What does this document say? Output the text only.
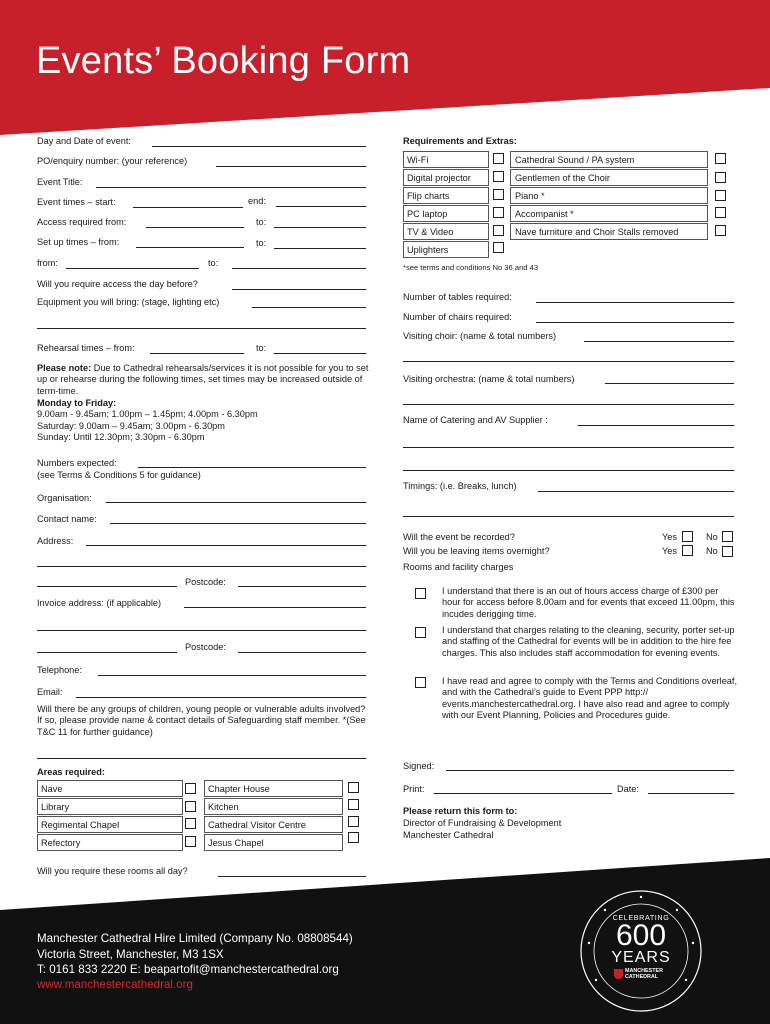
Events’ Booking Form
Day and Date of event:
PO/enquiry number: (your reference)
Event Title:
Event times – start:	end:
Access required from:	to:
Set up times – from:	to:
from:	to:
Will you require access the day before?
Equipment you will bring: (stage, lighting etc)
Rehearsal times – from:	to:
Please note: Due to Cathedral rehearsals/services it is not possible for you to set up or rehearse during the following times, set times may be increased outside of term-time.
Monday to Friday:
9.00am - 9.45am; 1.00pm – 1.45pm; 4.00pm - 6.30pm
Saturday: 9.00am – 9.45am; 3.00pm - 6.30pm
Sunday: Until 12.30pm; 3.30pm - 6.30pm
Numbers expected:
(see Terms & Conditions 5 for guidance)
Organisation:
Contact name:
Address:
Postcode:
Invoice address: (if applicable)
Postcode:
Telephone:
Email:
Will there be any groups of children, young people or vulnerable adults involved? If so, please provide name & contact details of Safeguarding staff member. *(See T&C 11 for further guidance)
Areas required:
Nave	Chapter House
Library	Kitchen
Regimental Chapel	Cathedral Visitor Centre
Refectory	Jesus Chapel
Will you require these rooms all day?
Requirements and Extras:
Wi-Fi	Cathedral Sound / PA system
Digital projector	Gentlemen of the Choir
Flip charts	Piano *
PC laptop	Accompanist *
TV & Video	Nave furniture and Choir Stalls removed
Uplighters
*see terms and conditions No 36 and 43
Number of tables required:
Number of chairs required:
Visiting choir: (name & total numbers)
Visiting orchestra: (name & total numbers)
Name of Catering and AV Supplier :
Timings: (i.e. Breaks, lunch)
Will the event be recorded?	Yes	No
Will you be leaving items overnight?	Yes	No
Rooms and facility charges
I understand that there is an out of hours access charge of £300 per hour for access before 8.00am and for events that exceed 11.00pm, this incudes derigging time.
I understand that charges relating to the cleaning, security, porter set-up and staffing of the Cathedral for events will be in addition to the hire fee charges. This also includes staff accommodation for evening events.
I have read and agree to comply with the Terms and Conditions overleaf, and with the Cathedral’s guide to Event PPP http:// events.manchestercathedral.org. I have also read and agree to comply with our Event Planning, Policies and Procedures guide.
Signed:
Print:	Date:
Please return this form to:
Director of Fundraising & Development
Manchester Cathedral
Manchester Cathedral Hire Limited (Company No. 08808544)
Victoria Street, Manchester, M3 1SX
T: 0161 833 2220 E: beapartofit@manchestercathedral.org
www.manchestercathedral.org
CELEBRATING
600
YEARS
MANCHESTER
CATHEDRAL
